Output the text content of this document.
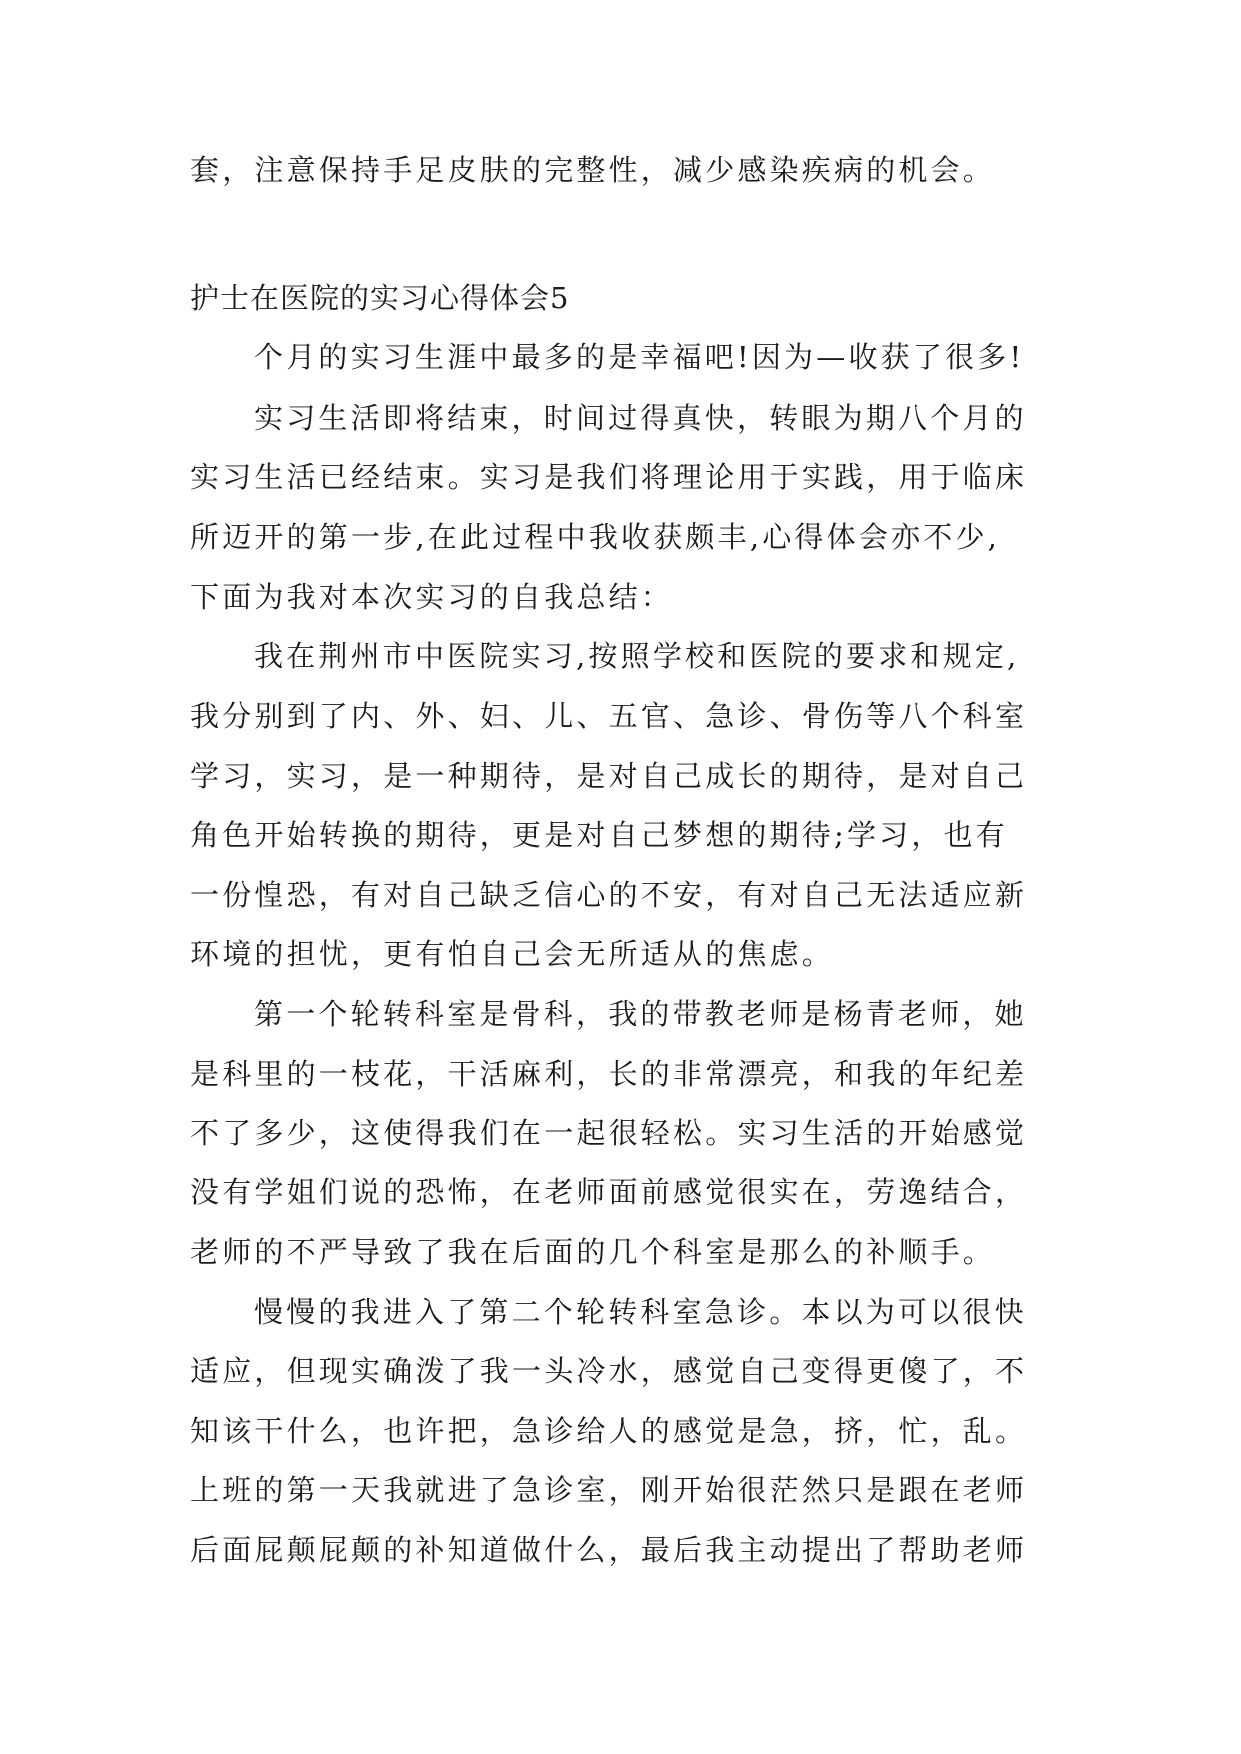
套，注意保持手足皮肤的完整性，减少感染疾病的机会。
护士在医院的实习心得体会5
个月的实习生涯中最多的是幸福吧!因为—收获了很多!
实习生活即将结束，时间过得真快，转眼为期八个月的
实习生活已经结束。实习是我们将理论用于实践，用于临床
所迈开的第一步,在此过程中我收获颇丰,心得体会亦不少,
下面为我对本次实习的自我总结：
我在荆州市中医院实习,按照学校和医院的要求和规定,
我分别到了内、外、妇、儿、五官、急诊、骨伤等八个科室
学习，实习，是一种期待，是对自己成长的期待，是对自己
角色开始转换的期待，更是对自己梦想的期待;学习，也有
一份惶恐，有对自己缺乏信心的不安，有对自己无法适应新
环境的担忧，更有怕自己会无所适从的焦虑。
第一个轮转科室是骨科，我的带教老师是杨青老师，她
是科里的一枝花，干活麻利，长的非常漂亮，和我的年纪差
不了多少，这使得我们在一起很轻松。实习生活的开始感觉
没有学姐们说的恐怖，在老师面前感觉很实在，劳逸结合，
老师的不严导致了我在后面的几个科室是那么的补顺手。
慢慢的我进入了第二个轮转科室急诊。本以为可以很快
适应，但现实确泼了我一头冷水，感觉自己变得更傻了，不
知该干什么，也许把，急诊给人的感觉是急，挤，忙，乱。
上班的第一天我就进了急诊室，刚开始很茫然只是跟在老师
后面屁颠屁颠的补知道做什么，最后我主动提出了帮助老师
